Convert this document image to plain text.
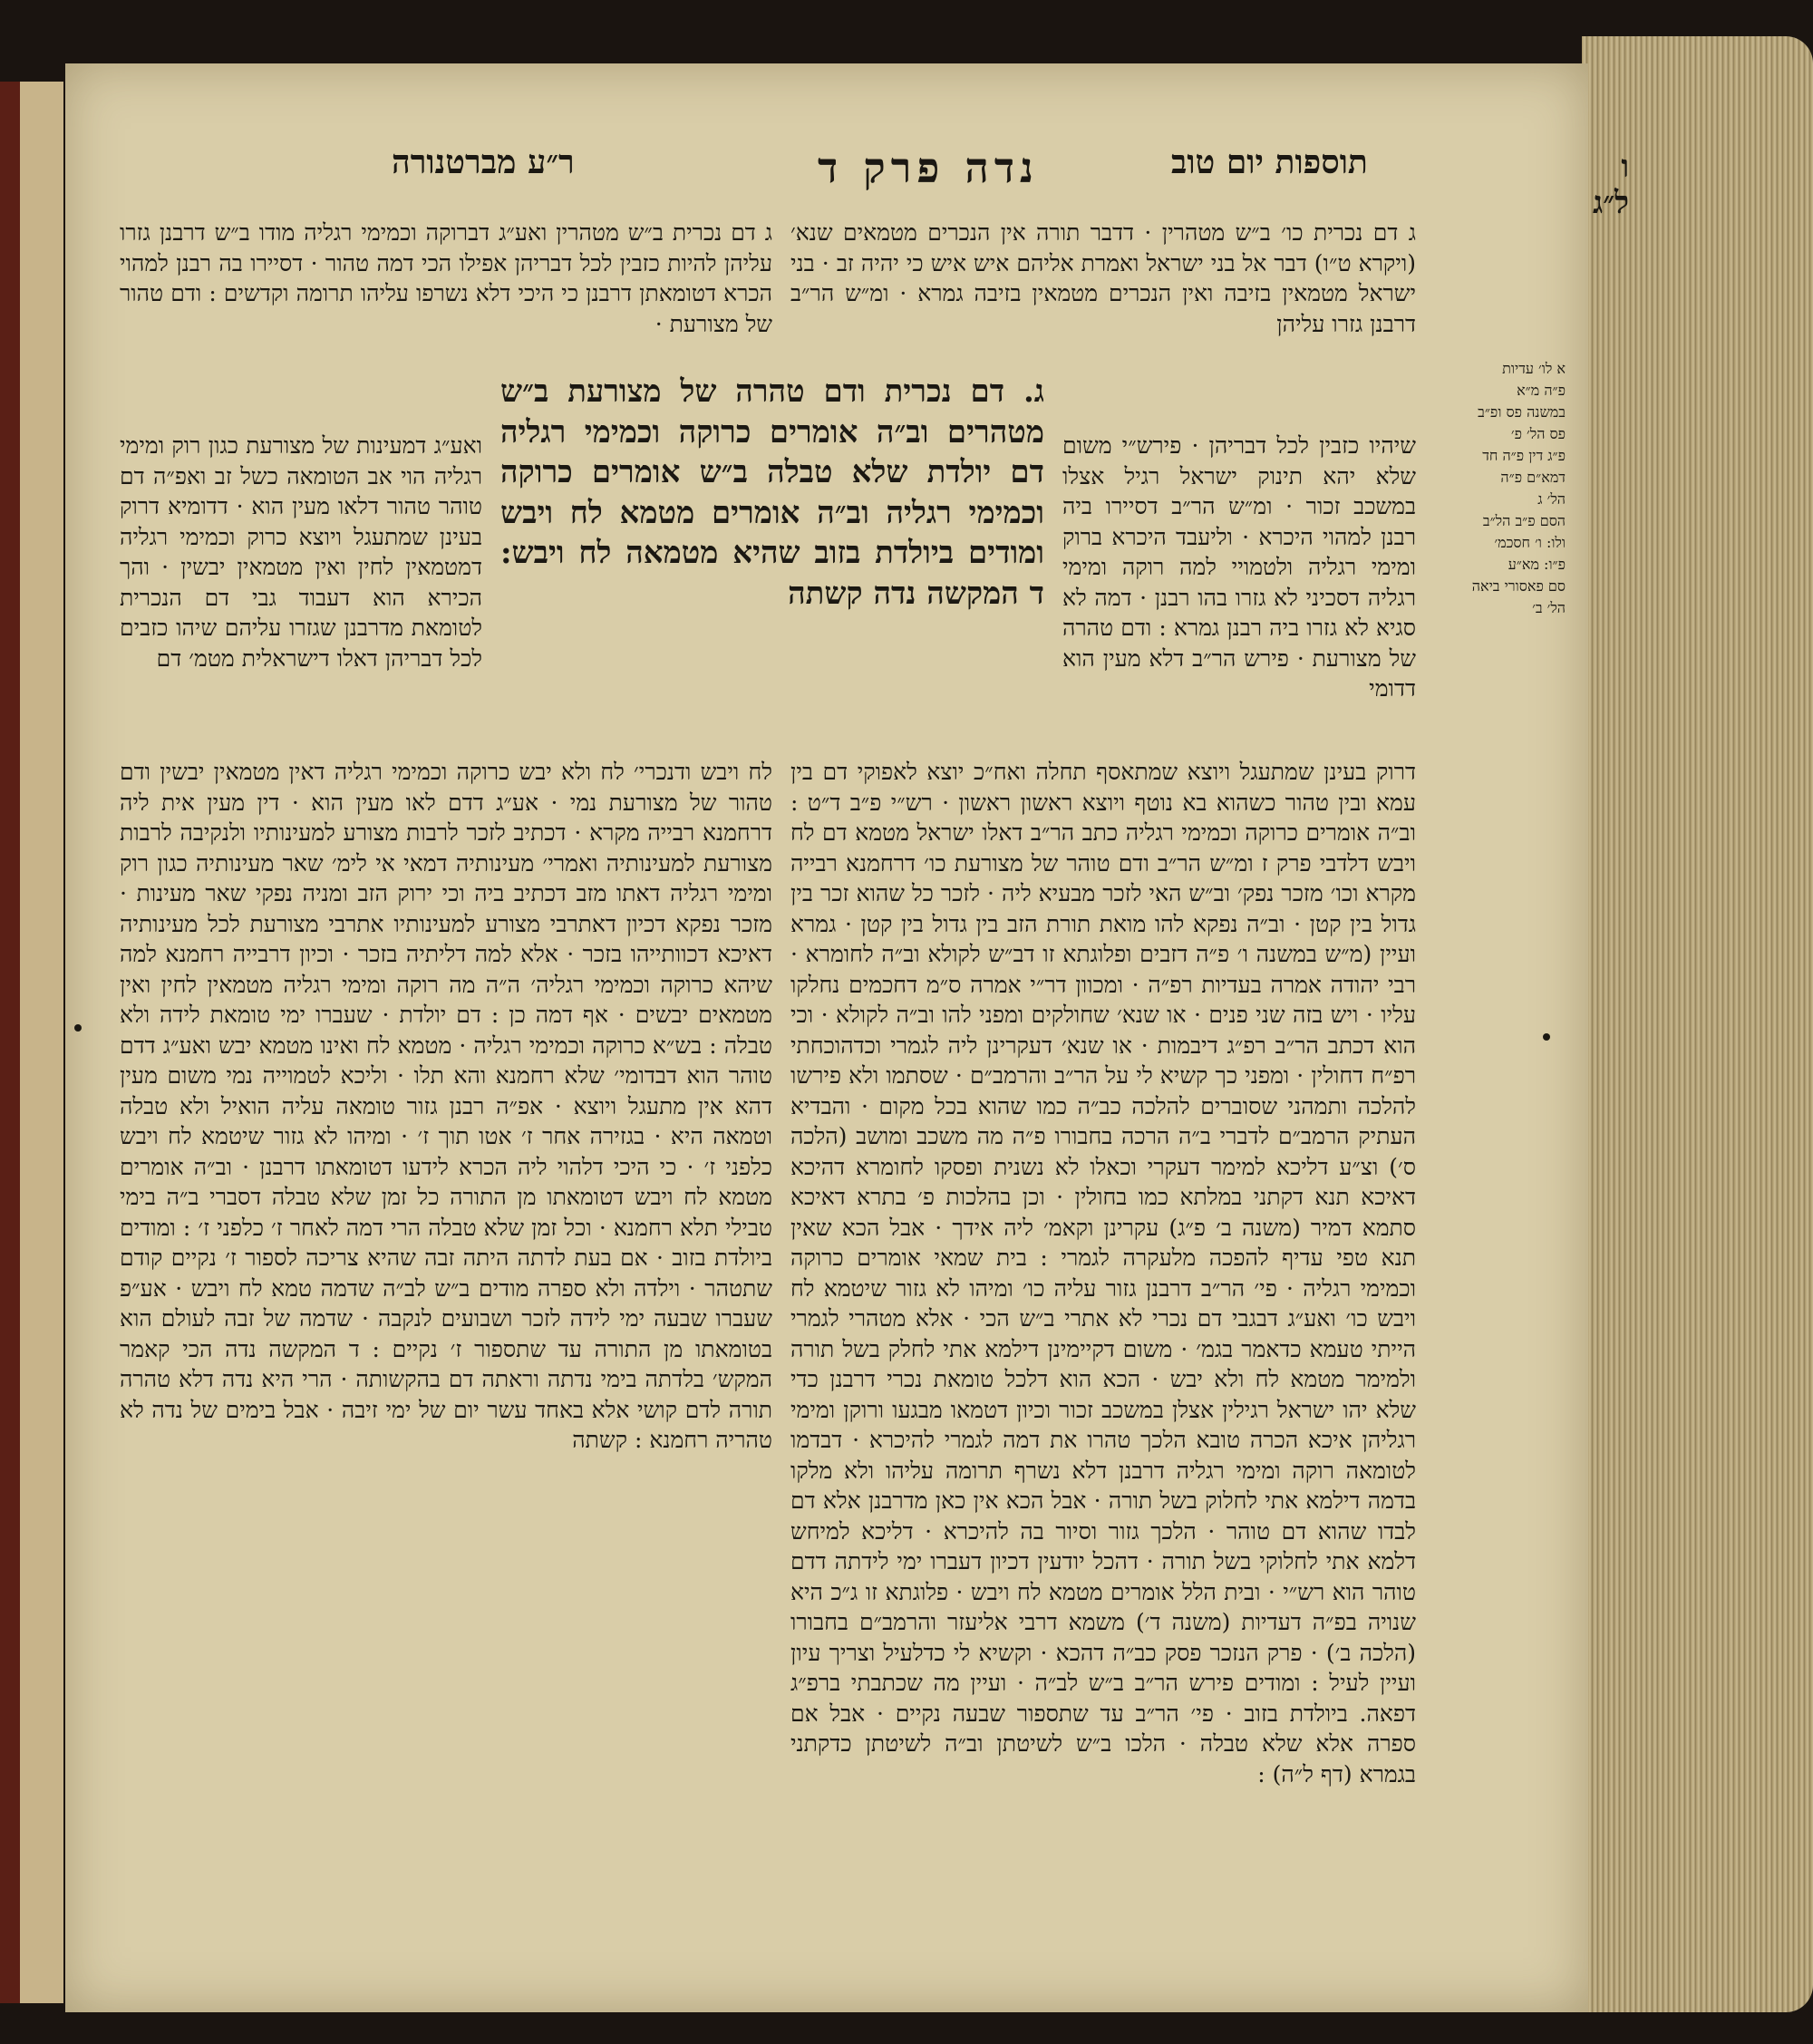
ר״ע מברטנורה	נדה פרק ד	תוספות יום טוב	ו ל״ג
ג דם נכרית כו׳ ב״ש מטהרין · דדבר תורה אין הנכרים מטמאים שנא׳ (ויקרא ט״ו) דבר אל בני ישראל ואמרת אליהם איש איש כי יהיה זב · בני ישראל מטמאין בזיבה ואין הנכרים מטמאין בזיבה גמרא · ומ״ש הר״ב דרבנן גזרו עליהן
ג דם נכרית ב״ש מטהרין ואע״ג דברוקה וכמימי רגליה מודו ב״ש דרבנן גזרו עליהן להיות כזבין לכל דבריהן אפילו הכי דמה טהור · דסיירו בה רבנן למהוי הכרא דטומאתן דרבנן כי היכי דלא נשרפו עליהו תרומה וקדשים : ודם טהור של מצורעת ·
שיהיו כזבין לכל דבריהן · פירש״י משום שלא יהא תינוק ישראל רגיל אצלו במשכב זכור · ומ״ש הר״ב דסיירו ביה רבנן למהוי היכרא · וליעבד היכרא ברוק ומימי רגליה ולטמויי למה רוקה ומימי רגליה דסכיני לא גזרו בהו רבנן · דמה לא סגיא לא גזרו ביה רבנן גמרא : ודם טהרה של מצורעת · פירש הר״ב דלא מעין הוא דדומי
ואע״ג דמעינות של מצורעת כגון רוק ומימי רגליה הוי אב הטומאה כשל זב ואפ״ה דם טוהר טהור דלאו מעין הוא · דדומיא דרוק בעינן שמתעגל ויוצא כרוק וכמימי רגליה דמטמאין לחין ואין מטמאין יבשין · והך הכירא הוא דעבוד גבי דם הנכרית לטומאת מדרבנן שגזרו עליהם שיהו כזבים לכל דבריהן דאלו דישראלית מטמ׳ דם
ג. דם נכרית ודם טהרה של מצורעת ב״ש מטהרים וב״ה אומרים כרוקה וכמימי רגליה דם יולדת שלא טבלה ב״ש אומרים כרוקה וכמימי רגליה וב״ה אומרים מטמא לח ויבש ומודים ביולדת בזוב שהיא מטמאה לח ויבש: ד המקשה נדה קשתה
לח ויבש ודנכרי׳ לח ולא יבש כרוקה וכמימי רגליה דאין מטמאין יבשין ודם טהור של מצורעת נמי · אע״ג דדם לאו מעין הוא · דין מעין אית ליה דרחמנא רבייה מקרא · דכתיב לזכר לרבות מצורע למעינותיו ולנקיבה לרבות מצורעת למעינותיה ואמרי׳ מעינותיה דמאי אי לימ׳ שאר מעינותיה כגון רוק ומימי רגליה דאתו מזב דכתיב ביה וכי ירוק הזב ומניה נפקי שאר מעינות · מזכר נפקא דכיון דאתרבי מצורע למעינותיו אתרבי מצורעת לכל מעינותיה דאיכא דכוותייהו בזכר · אלא למה דליתיה בזכר · וכיון דרבייה רחמנא למה שיהא כרוקה וכמימי רגליה׳ ה״ה מה רוקה ומימי רגליה מטמאין לחין ואין מטמאים יבשים · אף דמה כן : דם יולדת · שעברו ימי טומאת לידה ולא טבלה : בש״א כרוקה וכמימי רגליה · מטמא לח ואינו מטמא יבש ואע״ג דדם טוהר הוא דבדומי׳ שלא רחמנא והא תלו · וליכא לטמוייה נמי משום מעין דהא אין מתעגל ויוצא · אפ״ה רבנן גזור טומאה עליה הואיל ולא טבלה וטמאה היא · בגזירה אחר ז׳ אטו תוך ז׳ · ומיהו לא גזור שיטמא לח ויבש כלפני ז׳ · כי היכי דלהוי ליה הכרא לידעו דטומאתו דרבנן · וב״ה אומרים מטמא לח ויבש דטומאתו מן התורה כל זמן שלא טבלה דסברי ב״ה בימי טבילי תלא רחמנא · וכל זמן שלא טבלה הרי דמה לאחר ז׳ כלפני ז׳ : ומודים ביולדת בזוב · אם בעת לדתה היתה זבה שהיא צריכה לספור ז׳ נקיים קודם שתטהר · וילדה ולא ספרה מודים ב״ש לב״ה שדמה טמא לח ויבש · אע״פ שעברו שבעה ימי לידה לזכר ושבועים לנקבה · שדמה של זבה לעולם הוא בטומאתו מן התורה עד שתספור ז׳ נקיים : ד המקשה נדה הכי קאמר המקש׳ בלדתה בימי נדתה וראתה דם בהקשותה · הרי היא נדה דלא טהרה תורה לדם קושי אלא באחד עשר יום של ימי זיבה · אבל בימים של נדה לא טהריה רחמנא : קשתה
דרוק בעינן שמתעגל ויוצא שמתאסף תחלה ואח״כ יוצא לאפוקי דם בין עמא ובין טהור כשהוא בא נוטף ויוצא ראשון ראשון · רש״י פ״ב ד״ט : וב״ה אומרים כרוקה וכמימי רגליה כתב הר״ב דאלו ישראל מטמא דם לח ויבש דלדבי פרק ז ומ״ש הר״ב ודם טוהר של מצורעת כו׳ דרחמנא רבייה מקרא וכו׳ מזכר נפק׳ וב״ש האי לזכר מבעיא ליה · לזכר כל שהוא זכר בין גדול בין קטן · וב״ה נפקא להו מואת תורת הזב בין גדול בין קטן · גמרא ועיין (מ״ש במשנה ו׳ פ״ה דזבים ופלוגתא זו דב״ש לקולא וב״ה לחומרא · רבי יהודה אמרה בעדיות רפ״ה · ומכוון דר״י אמרה ס״מ דחכמים נחלקו עליו · ויש בזה שני פנים · או שנא׳ שחולקים ומפני להו וב״ה לקולא · וכי הוא דכתב הר״ב רפ״ג דיבמות · או שנא׳ דעקרינן ליה לגמרי וכדהוכחתי רפ״ח דחולין · ומפני כך קשיא לי על הר״ב והרמב״ם · שסתמו ולא פירשו להלכה ותמהני שסוברים להלכה כב״ה כמו שהוא בכל מקום · והבדיא העתיק הרמב״ם לדברי ב״ה הרכה בחבורו פ״ה מה משכב ומושב (הלכה ס׳) וצ״ע דליכא למימר דעקרי וכאלו לא נשנית ופסקו לחומרא דהיכא דאיכא תנא דקתני במלתא כמו בחולין · וכן בהלכות פ׳ בתרא דאיכא סתמא דמיר (משנה ב׳ פ״ג) עקרינן וקאמ׳ ליה אידך · אבל הכא שאין תנא טפי עדיף להפכה מלעקרה לגמרי : בית שמאי אומרים כרוקה וכמימי רגליה · פי׳ הר״ב דרבנן גזור עליה כו׳ ומיהו לא גזור שיטמא לח ויבש כו׳ ואע״ג דבגבי דם נכרי לא אתרי ב״ש הכי · אלא מטהרי לגמרי הייתי טעמא כדאמר בגמ׳ · משום דקיימינן דילמא אתי לחלק בשל תורה ולמימר מטמא לח ולא יבש · הכא הוא דלכל טומאת נכרי דרבנן כדי שלא יהו ישראל רגילין אצלן במשכב זכור וכיון דטמאו מבגעו ורוקן ומימי רגליהן איכא הכרה טובא הלכך טהרו את דמה לגמרי להיכרא · דבדמו לטומאה רוקה ומימי רגליה דרבנן דלא נשרף תרומה עליהו ולא מלקו בדמה דילמא אתי לחלוק בשל תורה · אבל הכא אין כאן מדרבנן אלא דם לבדו שהוא דם טוהר · הלכך גזור וסיור בה להיכרא · דליכא למיחש דלמא אתי לחלוקי בשל תורה · דהכל יודעין דכיון דעברו ימי לידתה דדם טוהר הוא רש״י · ובית הלל אומרים מטמא לח ויבש · פלוגתא זו ג״כ היא שנויה בפ״ה דעדיות (משנה ד׳) משמא דרבי אליעזר והרמב״ם בחבורו (הלכה ב׳) · פרק הנזכר פסק כב״ה דהכא · וקשיא לי כדלעיל וצריך עיון ועיין לעיל : ומודים פירש הר״ב ב״ש לב״ה · ועיין מה שכתבתי ברפ״ג דפאה. ביולדת בזוב · פי׳ הר״ב עד שתספור שבעה נקיים · אבל אם ספרה אלא שלא טבלה · הלכו ב״ש לשיטתן וב״ה לשיטתן כדקתני בגמרא (דף ל״ה) :
א לו׳ עדיות
פ״ה מ״א
במשנה פס ופ״ב
פס הל׳ פ׳
פ״ג דין פ״ה חד
דמא״ם פ״ה
הל׳ ג
הסם פ״ב הל״ב
ולו: ו׳ חסכמ׳
פ״ו: מא״ע
סם פאסורי ביאה
הל׳ ב׳
